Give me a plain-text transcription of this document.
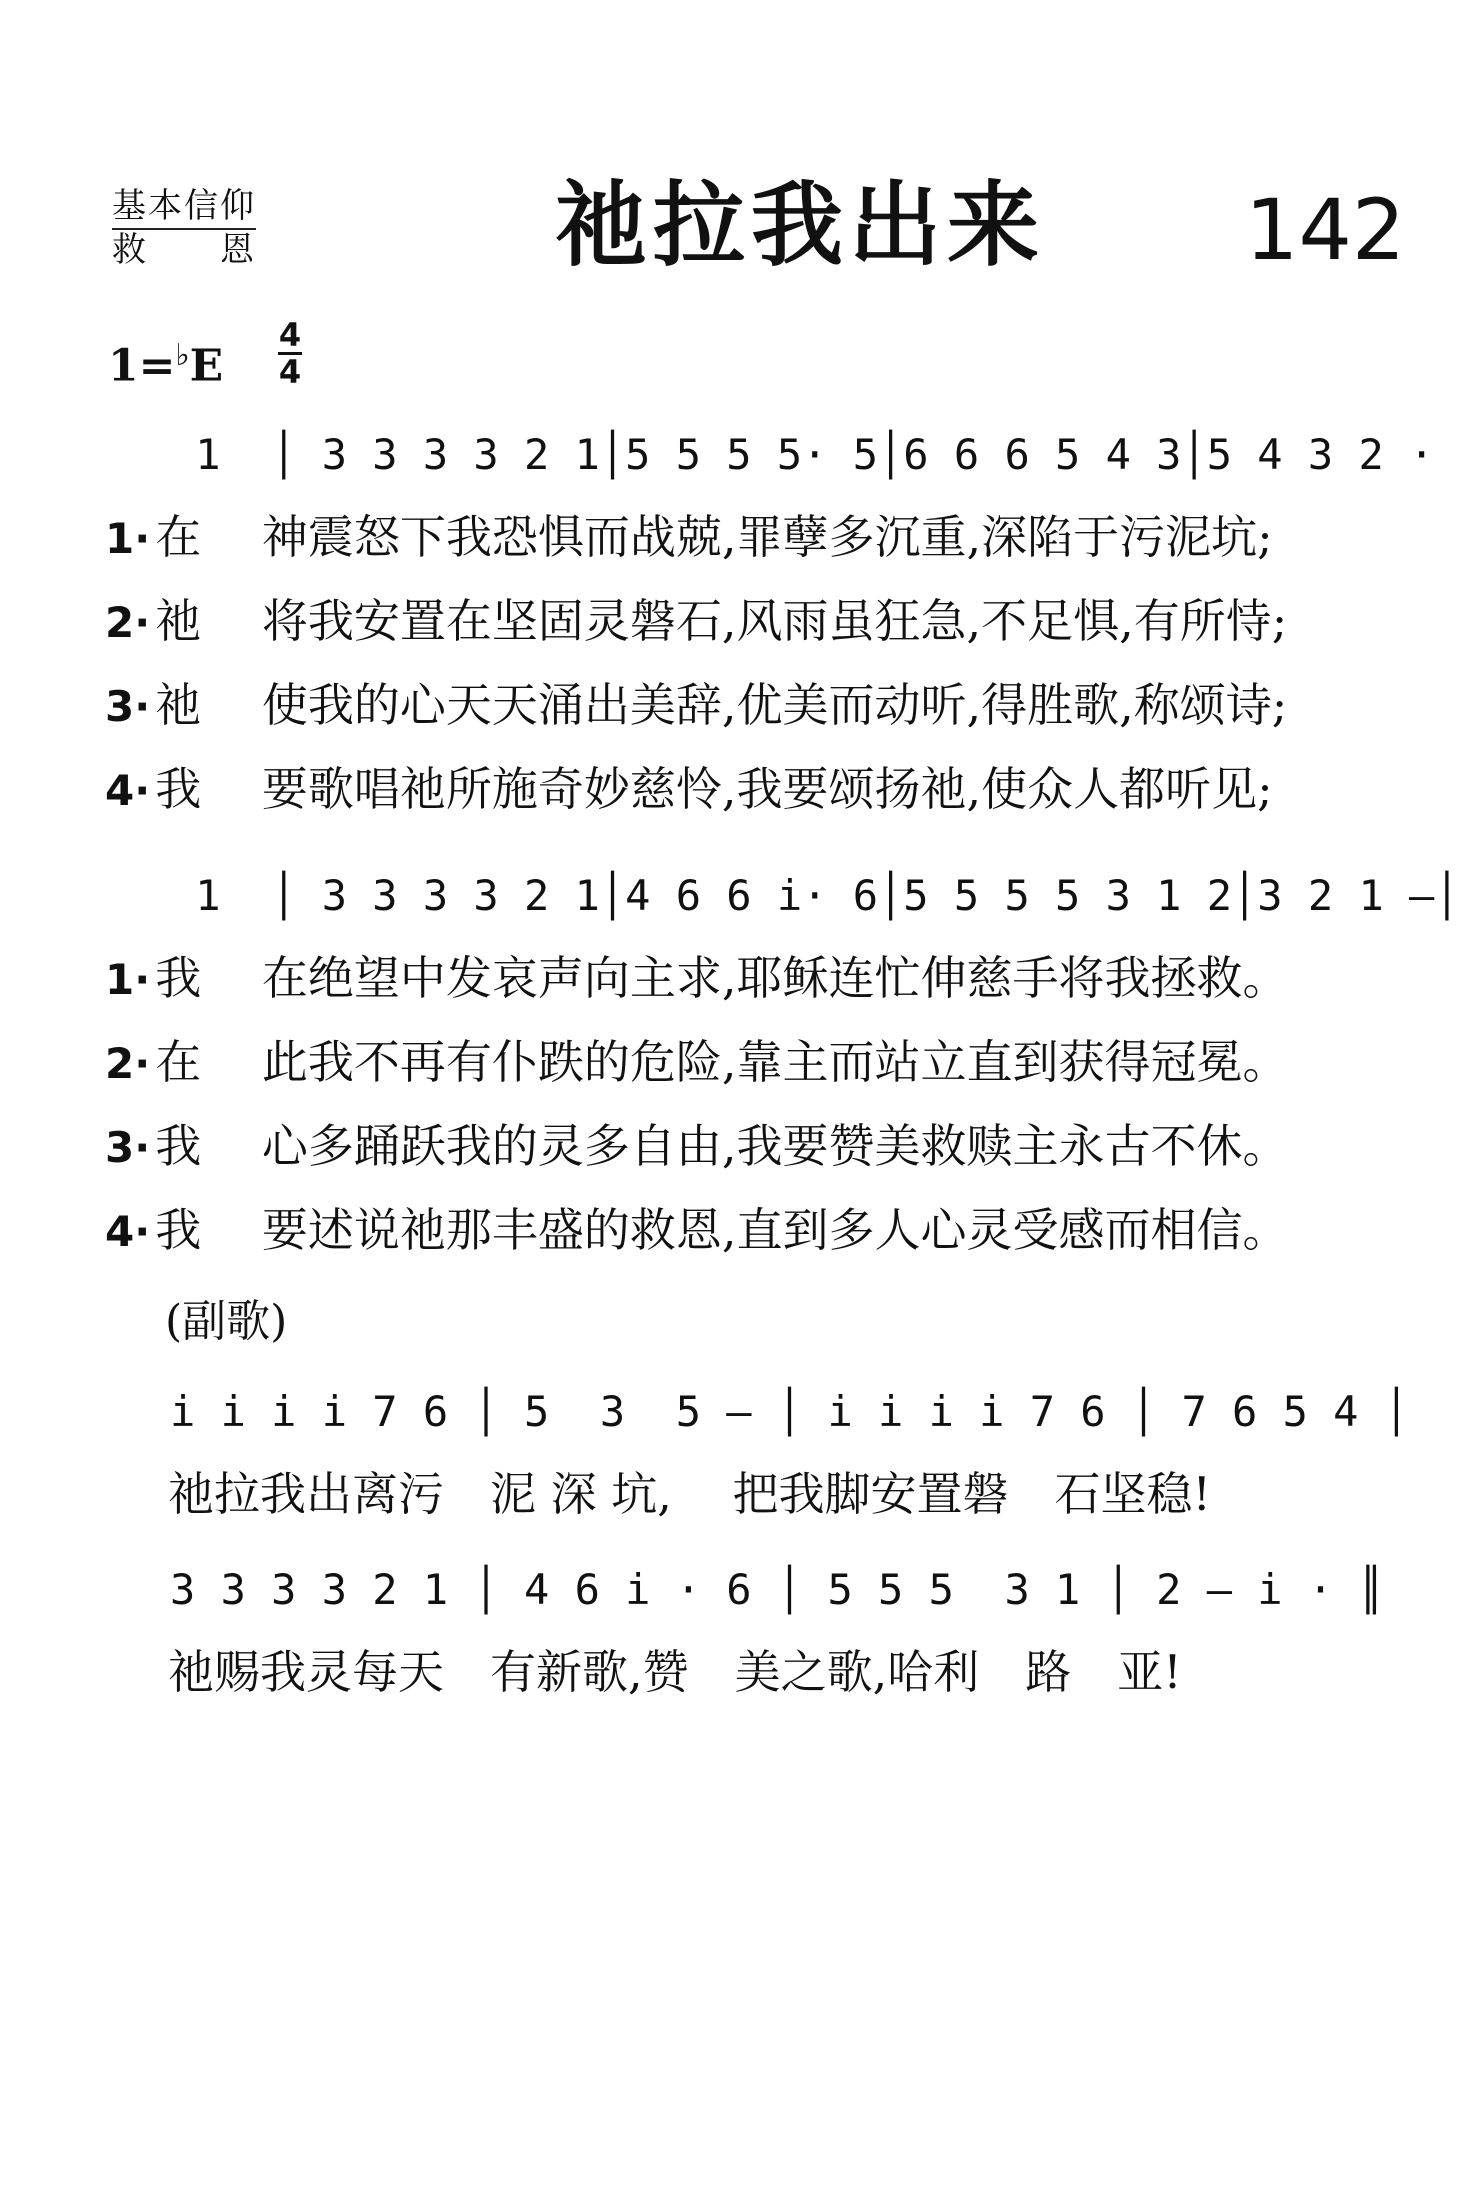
基本信仰
救　　恩	祂拉我出来 142
1=♭E
4
4
1  │ 3 3 3 3 2 1│5 5 5 5· 5│6 6 6 5 4 3│5 4 3 2 ·
1· 在　 神震怒下我恐惧而战兢,罪孽多沉重,深陷于污泥坑;
2· 祂　 将我安置在坚固灵磐石,风雨虽狂急,不足惧,有所恃;
3· 祂　 使我的心天天涌出美辞,优美而动听,得胜歌,称颂诗;
4· 我　 要歌唱祂所施奇妙慈怜,我要颂扬祂,使众人都听见;
1  │ 3 3 3 3 2 1│4 6 6 i· 6│5 5 5 5 3 1 2│3 2 1 –│
1· 我　 在绝望中发哀声向主求,耶稣连忙伸慈手将我拯救。
2· 在　 此我不再有仆跌的危险,靠主而站立直到获得冠冕。
3· 我　 心多踊跃我的灵多自由,我要赞美救赎主永古不休。
4· 我　 要述说祂那丰盛的救恩,直到多人心灵受感而相信。
(副歌)
i i i i 7 6 │ 5  3  5 – │ i i i i 7 6 │ 7 6 5 4 │
祂拉我出离污　泥 深 坑,　 把我脚安置磐　石坚稳!
3 3 3 3 2 1 │ 4 6 i · 6 │ 5 5 5  3 1 │ 2 – i · ║
祂赐我灵每天　有新歌,赞　美之歌,哈利　路　亚!
